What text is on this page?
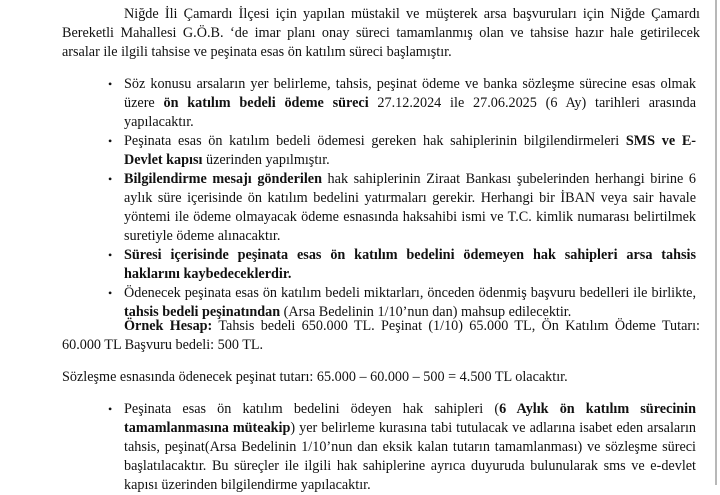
Niğde İli Çamardı İlçesi için yapılan müstakil ve müşterek arsa başvuruları için Niğde Çamardı Bereketli Mahallesi G.Ö.B. ‘de imar planı onay süreci tamamlanmış olan ve tahsise hazır hale getirilecek arsalar ile ilgili tahsise ve peşinata esas ön katılım süreci başlamıştır.

• Söz konusu arsaların yer belirleme, tahsis, peşinat ödeme ve banka sözleşme sürecine esas olmak üzere ön katılım bedeli ödeme süreci 27.12.2024 ile 27.06.2025 (6 Ay) tarihleri arasında yapılacaktır.
• Peşinata esas ön katılım bedeli ödemesi gereken hak sahiplerinin bilgilendirmeleri SMS ve E-Devlet kapısı üzerinden yapılmıştır.
• Bilgilendirme mesajı gönderilen hak sahiplerinin Ziraat Bankası şubelerinden herhangi birine 6 aylık süre içerisinde ön katılım bedelini yatırmaları gerekir. Herhangi bir İBAN veya sair havale yöntemi ile ödeme olmayacak ödeme esnasında haksahibi ismi ve T.C. kimlik numarası belirtilmek suretiyle ödeme alınacaktır.
• Süresi içerisinde peşinata esas ön katılım bedelini ödemeyen hak sahipleri arsa tahsis haklarını kaybedeceklerdir.
• Ödenecek peşinata esas ön katılım bedeli miktarları, önceden ödenmiş başvuru bedelleri ile birlikte, tahsis bedeli peşinatından (Arsa Bedelinin 1/10’nun dan) mahsup edilecektir.

Örnek Hesap: Tahsis bedeli 650.000 TL. Peşinat (1/10) 65.000 TL, Ön Katılım Ödeme Tutarı: 60.000 TL Başvuru bedeli: 500 TL.

Sözleşme esnasında ödenecek peşinat tutarı: 65.000 – 60.000 – 500 = 4.500 TL olacaktır.

• Peşinata esas ön katılım bedelini ödeyen hak sahipleri (6 Aylık ön katılım sürecinin tamamlanmasına müteakip) yer belirleme kurasına tabi tutulacak ve adlarına isabet eden arsaların tahsis, peşinat(Arsa Bedelinin 1/10’nun dan eksik kalan tutarın tamamlanması) ve sözleşme süreci başlatılacaktır. Bu süreçler ile ilgili hak sahiplerine ayrıca duyuruda bulunularak sms ve e-devlet kapısı üzerinden bilgilendirme yapılacaktır.
